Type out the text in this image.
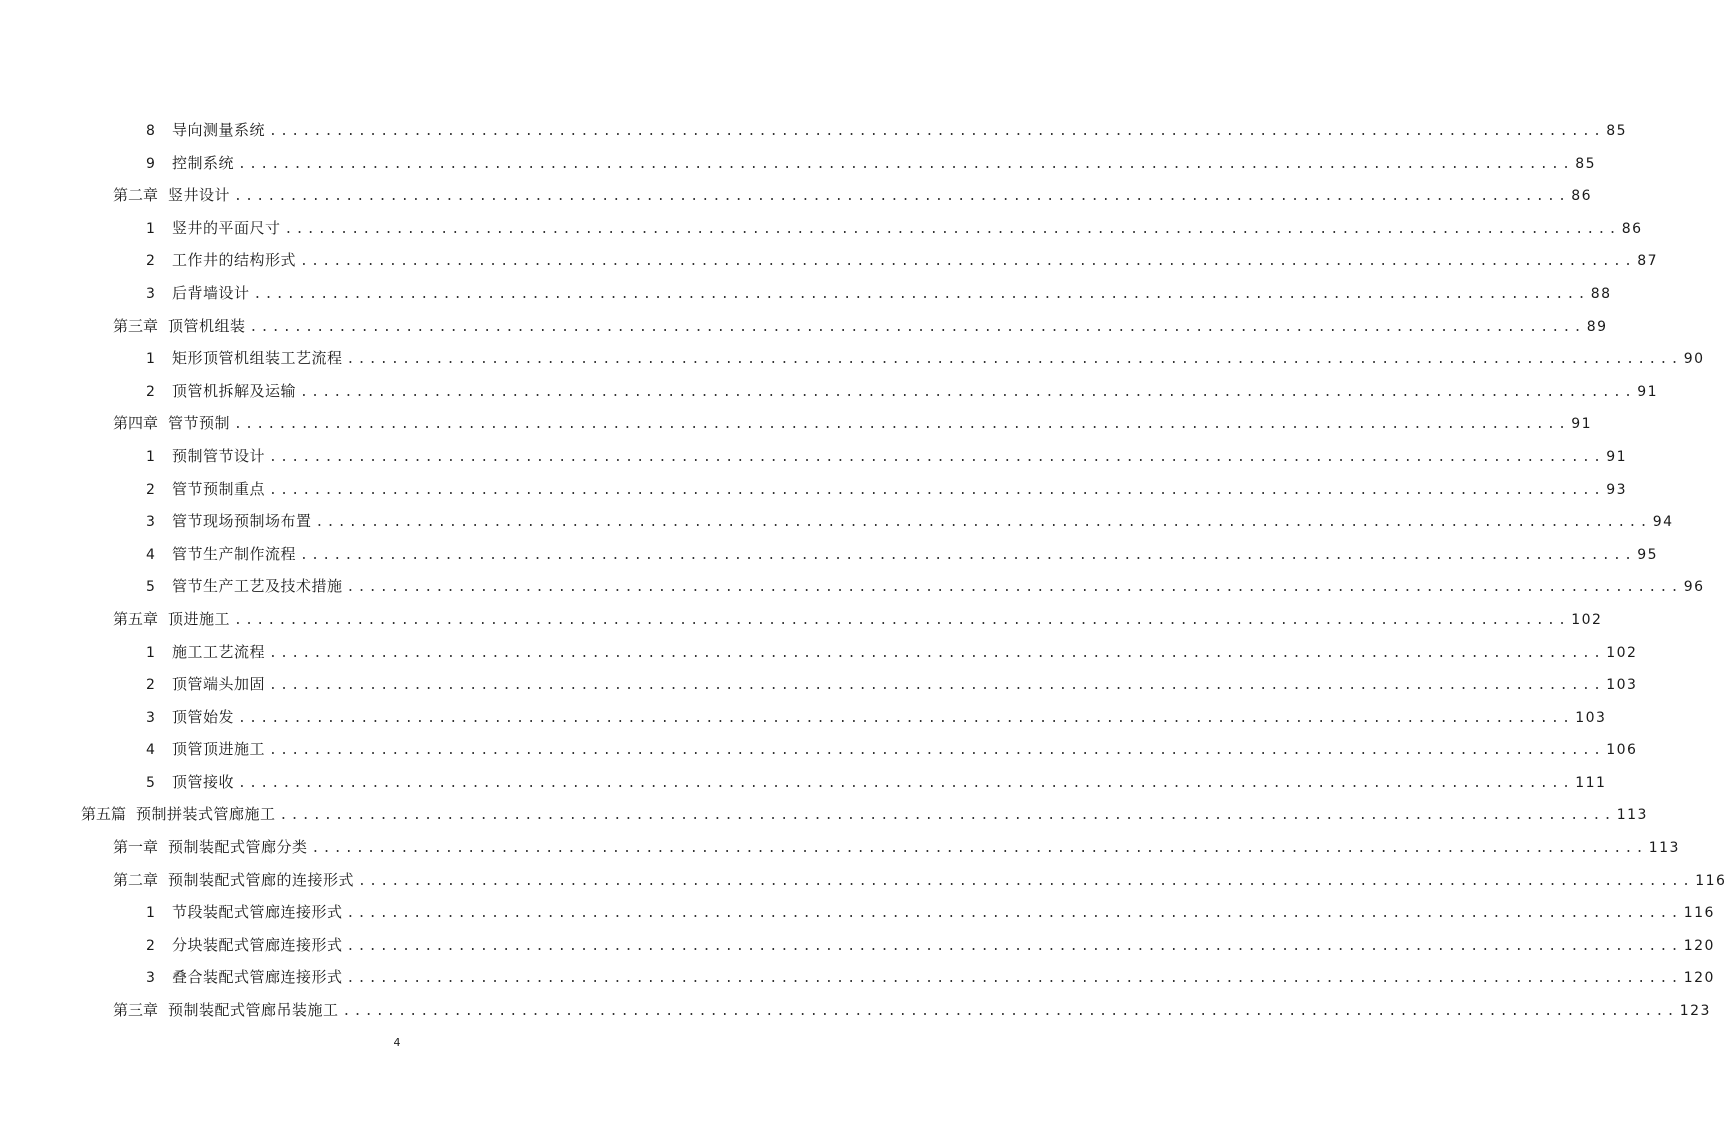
8	导向测量系统 ........................................................................................................................ 85
9	控制系统 ........................................................................................................................ 85
第二章 竖井设计 ........................................................................................................................ 86
1	竖井的平面尺寸 ........................................................................................................................ 86
2	工作井的结构形式 ........................................................................................................................ 87
3	后背墙设计 ........................................................................................................................ 88
第三章 顶管机组装 ........................................................................................................................ 89
1	矩形顶管机组装工艺流程 ........................................................................................................................ 90
2	顶管机拆解及运输 ........................................................................................................................ 91
第四章 管节预制 ........................................................................................................................ 91
1	预制管节设计 ........................................................................................................................ 91
2	管节预制重点 ........................................................................................................................ 93
3	管节现场预制场布置 ........................................................................................................................ 94
4	管节生产制作流程 ........................................................................................................................ 95
5	管节生产工艺及技术措施 ........................................................................................................................ 96
第五章 顶进施工 ........................................................................................................................ 102
1	施工工艺流程 ........................................................................................................................ 102
2	顶管端头加固 ........................................................................................................................ 103
3	顶管始发 ........................................................................................................................ 103
4	顶管顶进施工 ........................................................................................................................ 106
5	顶管接收 ........................................................................................................................ 111
第五篇 预制拼装式管廊施工 ........................................................................................................................ 113
第一章 预制装配式管廊分类 ........................................................................................................................ 113
第二章 预制装配式管廊的连接形式 ........................................................................................................................ 116
1	节段装配式管廊连接形式 ........................................................................................................................ 116
2	分块装配式管廊连接形式 ........................................................................................................................ 120
3	叠合装配式管廊连接形式 ........................................................................................................................ 120
第三章 预制装配式管廊吊装施工 ........................................................................................................................ 123
4
